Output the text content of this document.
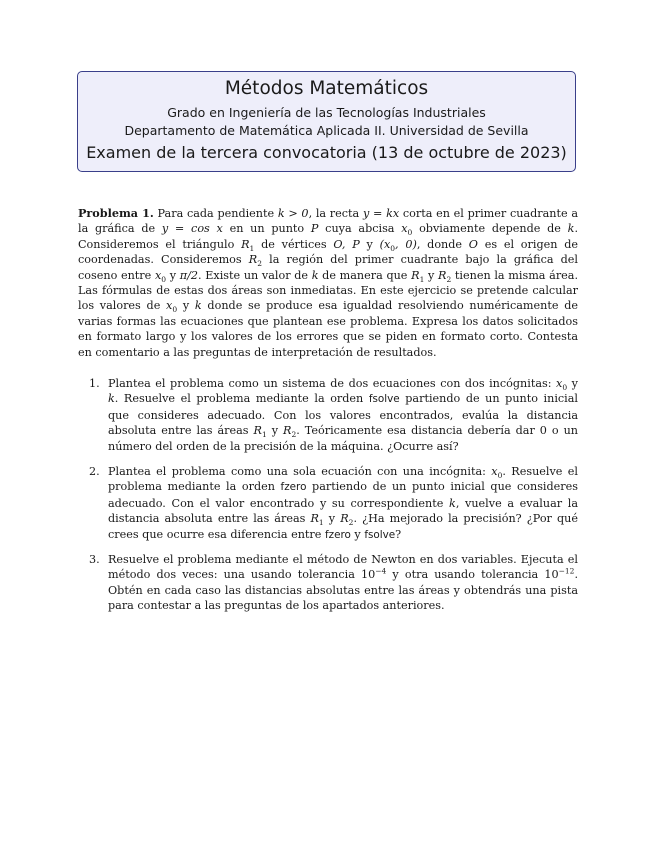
Métodos Matemáticos
Grado en Ingeniería de las Tecnologías Industriales
Departamento de Matemática Aplicada II. Universidad de Sevilla
Examen de la tercera convocatoria (13 de octubre de 2023)
Problema 1. Para cada pendiente k > 0, la recta y = kx corta en el primer cuadrante a la gráfica de y = cos x en un punto P cuya abcisa $x_0$ obviamente depende de k. Consideremos el triángulo $R_1$ de vértices O, P y ($x_0$, 0), donde O es el origen de coordenadas. Consideremos $R_2$ la región del primer cuadrante bajo la gráfica del coseno entre $x_0$ y π/2. Existe un valor de k de manera que $R_1$ y $R_2$ tienen la misma área. Las fórmulas de estas dos áreas son inmediatas. En este ejercicio se pretende calcular los valores de $x_0$ y k donde se produce esa igualdad resolviendo numéricamente de varias formas las ecuaciones que plantean ese problema. Expresa los datos solicitados en formato largo y los valores de los errores que se piden en formato corto. Contesta en comentario a las preguntas de interpretación de resultados.
1. Plantea el problema como un sistema de dos ecuaciones con dos incógnitas: $x_0$ y k. Resuelve el problema mediante la orden fsolve partiendo de un punto inicial que consideres adecuado. Con los valores encontrados, evalúa la distancia absoluta entre las áreas $R_1$ y $R_2$. Teóricamente esa distancia debería dar 0 o un número del orden de la precisión de la máquina. ¿Ocurre así?
2. Plantea el problema como una sola ecuación con una incógnita: $x_0$. Resuelve el problema mediante la orden fzero partiendo de un punto inicial que consideres adecuado. Con el valor encontrado y su correspondiente k, vuelve a evaluar la distancia absoluta entre las áreas $R_1$ y $R_2$. ¿Ha mejorado la precisión? ¿Por qué crees que ocurre esa diferencia entre fzero y fsolve?
3. Resuelve el problema mediante el método de Newton en dos variables. Ejecuta el método dos veces: una usando tolerancia $10^{-4}$ y otra usando tolerancia $10^{-12}$. Obtén en cada caso las distancias absolutas entre las áreas y obtendrás una pista para contestar a las preguntas de los apartados anteriores.
